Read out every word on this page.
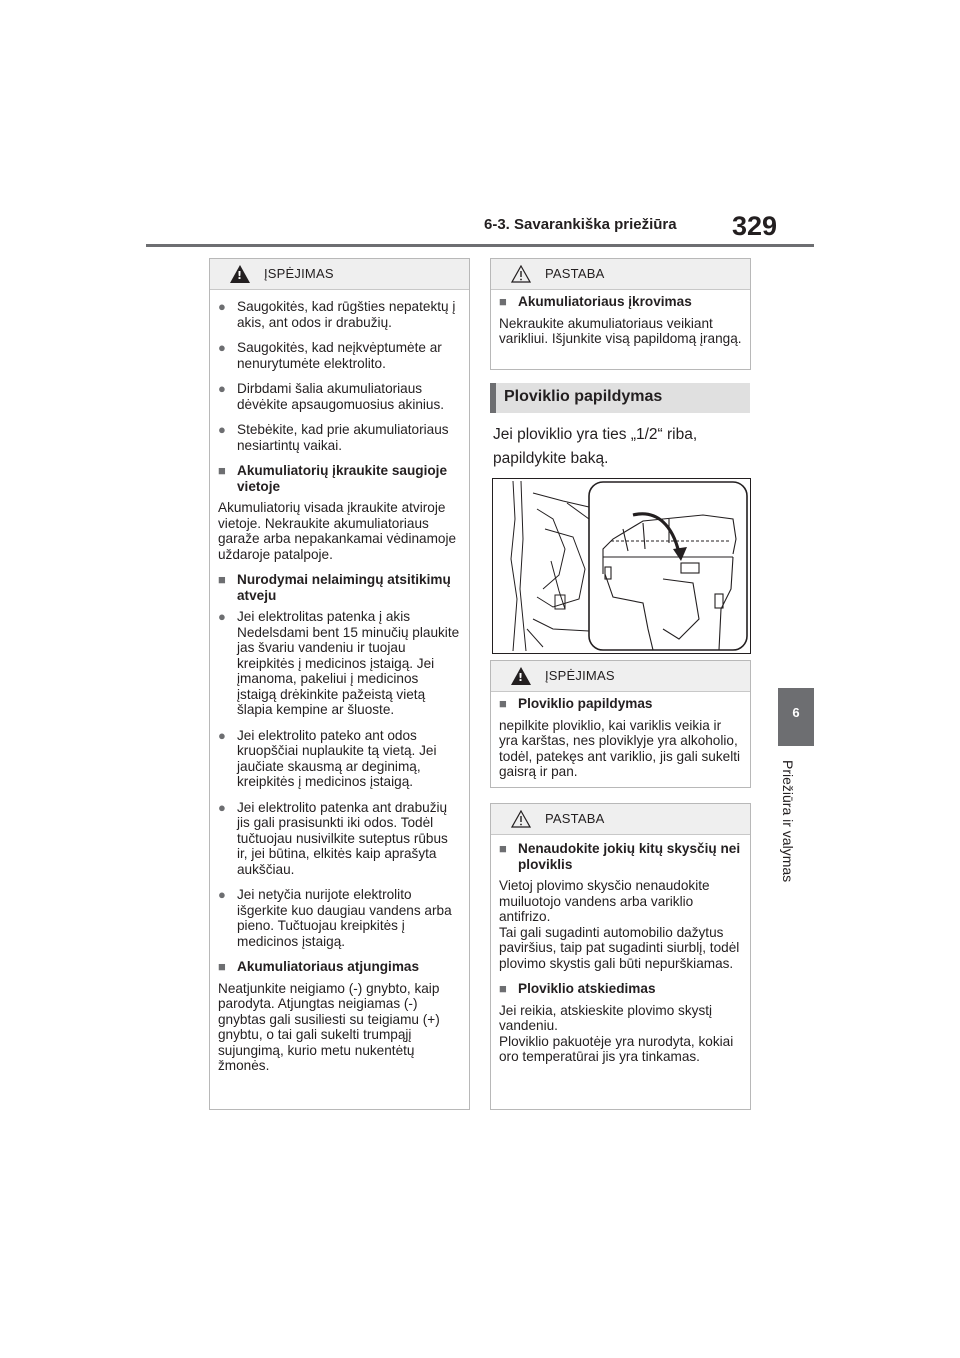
6-3. Savarankiška priežiūra 329
6
Priežiūra ir valymas
!
ĮSPĖJIMAS
● Saugokitės, kad rūgšties nepatektų į akis, ant odos ir drabužių.
● Saugokitės, kad neįkvėptumėte ar nenurytumėte elektrolito.
● Dirbdami šalia akumuliatoriaus dėvėkite apsaugomuosius akinius.
● Stebėkite, kad prie akumuliatoriaus nesiartintų vaikai.
■ Akumuliatorių įkraukite saugioje vietoje

Akumuliatorių visada įkraukite atviroje vietoje. Nekraukite akumuliatoriaus garaže arba nepakankamai vėdinamoje uždaroje patalpoje.

■ Nurodymai nelaimingų atsitikimų atveju
● Jei elektrolitas patenka į akis Nedelsdami bent 15 minučių plaukite jas švariu vandeniu ir tuojau kreipkitės į medicinos įstaigą. Jei įmanoma, pakeliui į medicinos įstaigą drėkinkite pažeistą vietą šlapia kempine ar šluoste.
● Jei elektrolito pateko ant odos kruopščiai nuplaukite tą vietą. Jei jaučiate skausmą ar deginimą, kreipkitės į medicinos įstaigą.
● Jei elektrolito patenka ant drabužių jis gali prasisunkti iki odos. Todėl tučtuojau nusivilkite suteptus rūbus ir, jei būtina, elkitės kaip aprašyta aukščiau.
● Jei netyčia nurijote elektrolito išgerkite kuo daugiau vandens arba pieno. Tučtuojau kreipkitės į medicinos įstaigą.
■ Akumuliatoriaus atjungimas

Neatjunkite neigiamo (-) gnybto, kaip parodyta. Atjungtas neigiamas (-) gnybtas gali susiliesti su teigiamu (+) gnybtu, o tai gali sukelti trumpąjį sujungimą, kurio metu nukentėtų žmonės.

PASTABA
■ Akumuliatoriaus įkrovimas

Nekraukite akumuliatoriaus veikiant varikliui. Išjunkite visą papildomą įrangą.

Ploviklio papildymas
Jei ploviklio yra ties „1/2“ riba, papildykite baką.
!
ĮSPĖJIMAS
■ Ploviklio papildymas

nepilkite ploviklio, kai variklis veikia ir yra karštas, nes ploviklyje yra alkoholio, todėl, patekęs ant variklio, jis gali sukelti gaisrą ir pan.

PASTABA
■ Nenaudokite jokių kitų skysčių nei ploviklis

Vietoj plovimo skysčio nenaudokite muiluotojo vandens arba variklio antifrizo.

Tai gali sugadinti automobilio dažytus paviršius, taip pat sugadinti siurblį, todėl plovimo skystis gali būti nepurškiamas.

■ Ploviklio atskiedimas

Jei reikia, atskieskite plovimo skystį vandeniu.

Ploviklio pakuotėje yra nurodyta, kokiai oro temperatūrai jis yra tinkamas.
